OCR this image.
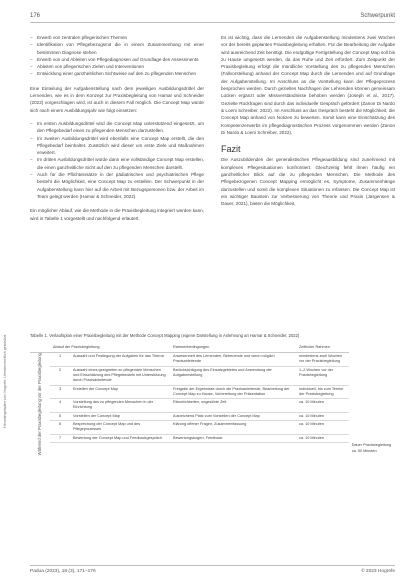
176	Schwerpunkt
Heruntergeladen von: Hogrefe. Urheberrechtlich geschützt.
– Erwerb von zentralen pflegerischen Themen
– Identifikation von Pflegebezugsmit die in einem Zusammenhang mit einer bestimmten Diagnose stehen
– Erwerb von und Ableiten von Pflegediagnosen auf Grundlage des Assessments
– Ableiten von pflegerischen Zielen und Interventionen
– Entwicklung einer ganzheitlichen Sichtweise auf den zu pflegenden Menschen

Eine Einteilung der Aufgabenstellung nach dem jeweiligen Ausbildungsdrittel der Lernenden, wie es in dem Konzept zur Praxisbegleitung von Hamar und Schneider (2022) vorgeschlagen wird, ist auch in diesem Fall möglich. Die Concept Map würde sich nach einem Ausbildungsjahr wie folgt einsetzen:

– Im ersten Ausbildungsdrittel wird die Concept Map unterstützend eingesetzt, um den Pflegebedarf eines zu pflegenden Menschen darzustellen.
– Im zweiten Ausbildungsdrittel wird ebenfalls eine Concept Map erstellt, die den Pflegebedarf beinhaltet. Zusätzlich wird dieser um erste Ziele und Maßnahmen erweitert.
– Im dritten Ausbildungsdrittel würde dann eine vollständige Concept Map erstellen, die einen ganzheitliche Sicht auf den zu pflegenden Menschen darstellt.
– Auch für die Pflichteinsätze in der pädiatrischen und psychiatrischen Pflege besteht die Möglichkeit, eine Concept Map zu erstellen. Der Schwerpunkt in der Aufgabenstellung kann hier auf die Arbeit mit Bezugspersonen bzw. der Arbeit im Team gelegt werden (Hamar & Schneider, 2022).

Ein möglicher Ablauf, wie die Methode in die Praxisbegleitung integriert werden kann, wird in Tabelle 1 vorgestellt und nachfolgend erläutert.

Es ist wichtig, dass die Lernenden die Aufgabenstellung mindestens zwei Wochen vor der bereits geplanten Praxisbegleitung erhalten. Für die Bearbeitung der Aufgabe wird ausreichend Zeit benötigt. Die endgültige Fertigstellung der Concept Map soll bis zu Hause umgesetzt werden, da das Ruhe und Zeit erfordert. Zum Zeitpunkt der Praxisbegleitung erfolgt die mündliche Vorstellung des zu pflegenden Menschen (Fallvorstellung) anhand der Concept Map durch die Lernenden und auf Grundlage der Aufgabenstellung. Im Anschluss an die Vorstellung kann der Pflegeprozess besprochen werden. Durch gezieltes Nachfragen der Lehrenden können gemeinsam Lücken ergänzt oder Missverständnisse behoben werden (Joseph et al., 2017). Gezielte Rückfragen sind durch das individuelle Gespräch gefördert (Zanon Di Nardo & Loeni Schreiber, 2022). Im Anschluss an das Gespräch besteht die Möglichkeit, die Concept Map anhand von Notizen zu bewerten. Somit kann eine Einschätzung des Kompetenzerwerbs im pflegediagnostischen Prozess vorgenommen werden (Zanon Di Nardo & Loeni Schreiber, 2022).

Fazit

Die Auszubildenden der generalistischen Pflegeausbildung sind zunehmend mit komplexen Pflegesituationen konfrontiert. Gleichzeitig fehlt ihnen häufig ein ganzheitlicher Blick auf die zu pflegenden Menschen. Die Methode des Pflegebezogenen Concept Mapping ermöglicht es, Symptome, Zusammenhänge darzustellen und somit die komplexen Situationen zu erfassen. Die Concept Map ist ein wichtiger Baustein zur Verbesserung von Theorie und Praxis (Jørgensen & Dauer, 2021), bieten die Möglichkeit,

Tabelle 1. Verlaufsplan einer Praxisbegleitung mit der Methode Concept Mapping (eigene Darstellung in Anlehnung an Hamar & Schneider, 2022)
	Ablauf der Praxisbegleitung		Rahmenbedingungen	Zeitlicher Rahmen	

Vor der Praxisbegleitung	1	Auswahl und Festlegung der Aufgaben für das Thema	Anwesenheit des Lernenden, Betreuende und wenn möglich Praxisanleitende	mindestens zwei Wochen vor der Praxisbegleitung	
	2	Auswahl eines geeigneten zu pflegenden Menschen und Einschätzung des Pflegebedarfs mit Unterstützung durch Praxisanleitende	Berücksichtigung des Einsatzgebietes und Anwendung der Aufgabenstellung	1–2 Wochen vor der Praxisbegleitung	
	3	Erstellen der Concept Map	Freigabe der Ergebnisse durch die Praxisanleitende, Bearbeitung der Concept Map zu Hause, Vorbereitung der Präsentation	individuell, bis zum Termin der Praxisbegleitung	

Während der Praxisbegleitung	4	Vorstellung des zu pflegenden Menschen in der Einrichtung	Räumlichkeiten, ungestörte Zeit	ca. 10 Minuten	
	5	Vorstellen der Concept Map	Ausreichend Platz zum Vorstellen der Concept Map	ca. 10 Minuten	
	6	Besprechung der Concept Map und des Pflegeprozesses	Klärung offener Fragen, Zusammenfassung	ca. 10 Minuten	
	7	Bewertung der Concept Map und Feedbackgespräch	Bewertungsbogen, Feedback	ca. 10 Minuten	
					Dauer Praxisbegleitung ca. 50 Minuten
Padua (2023), 18 (3), 171–176	© 2023 Hogrefe
